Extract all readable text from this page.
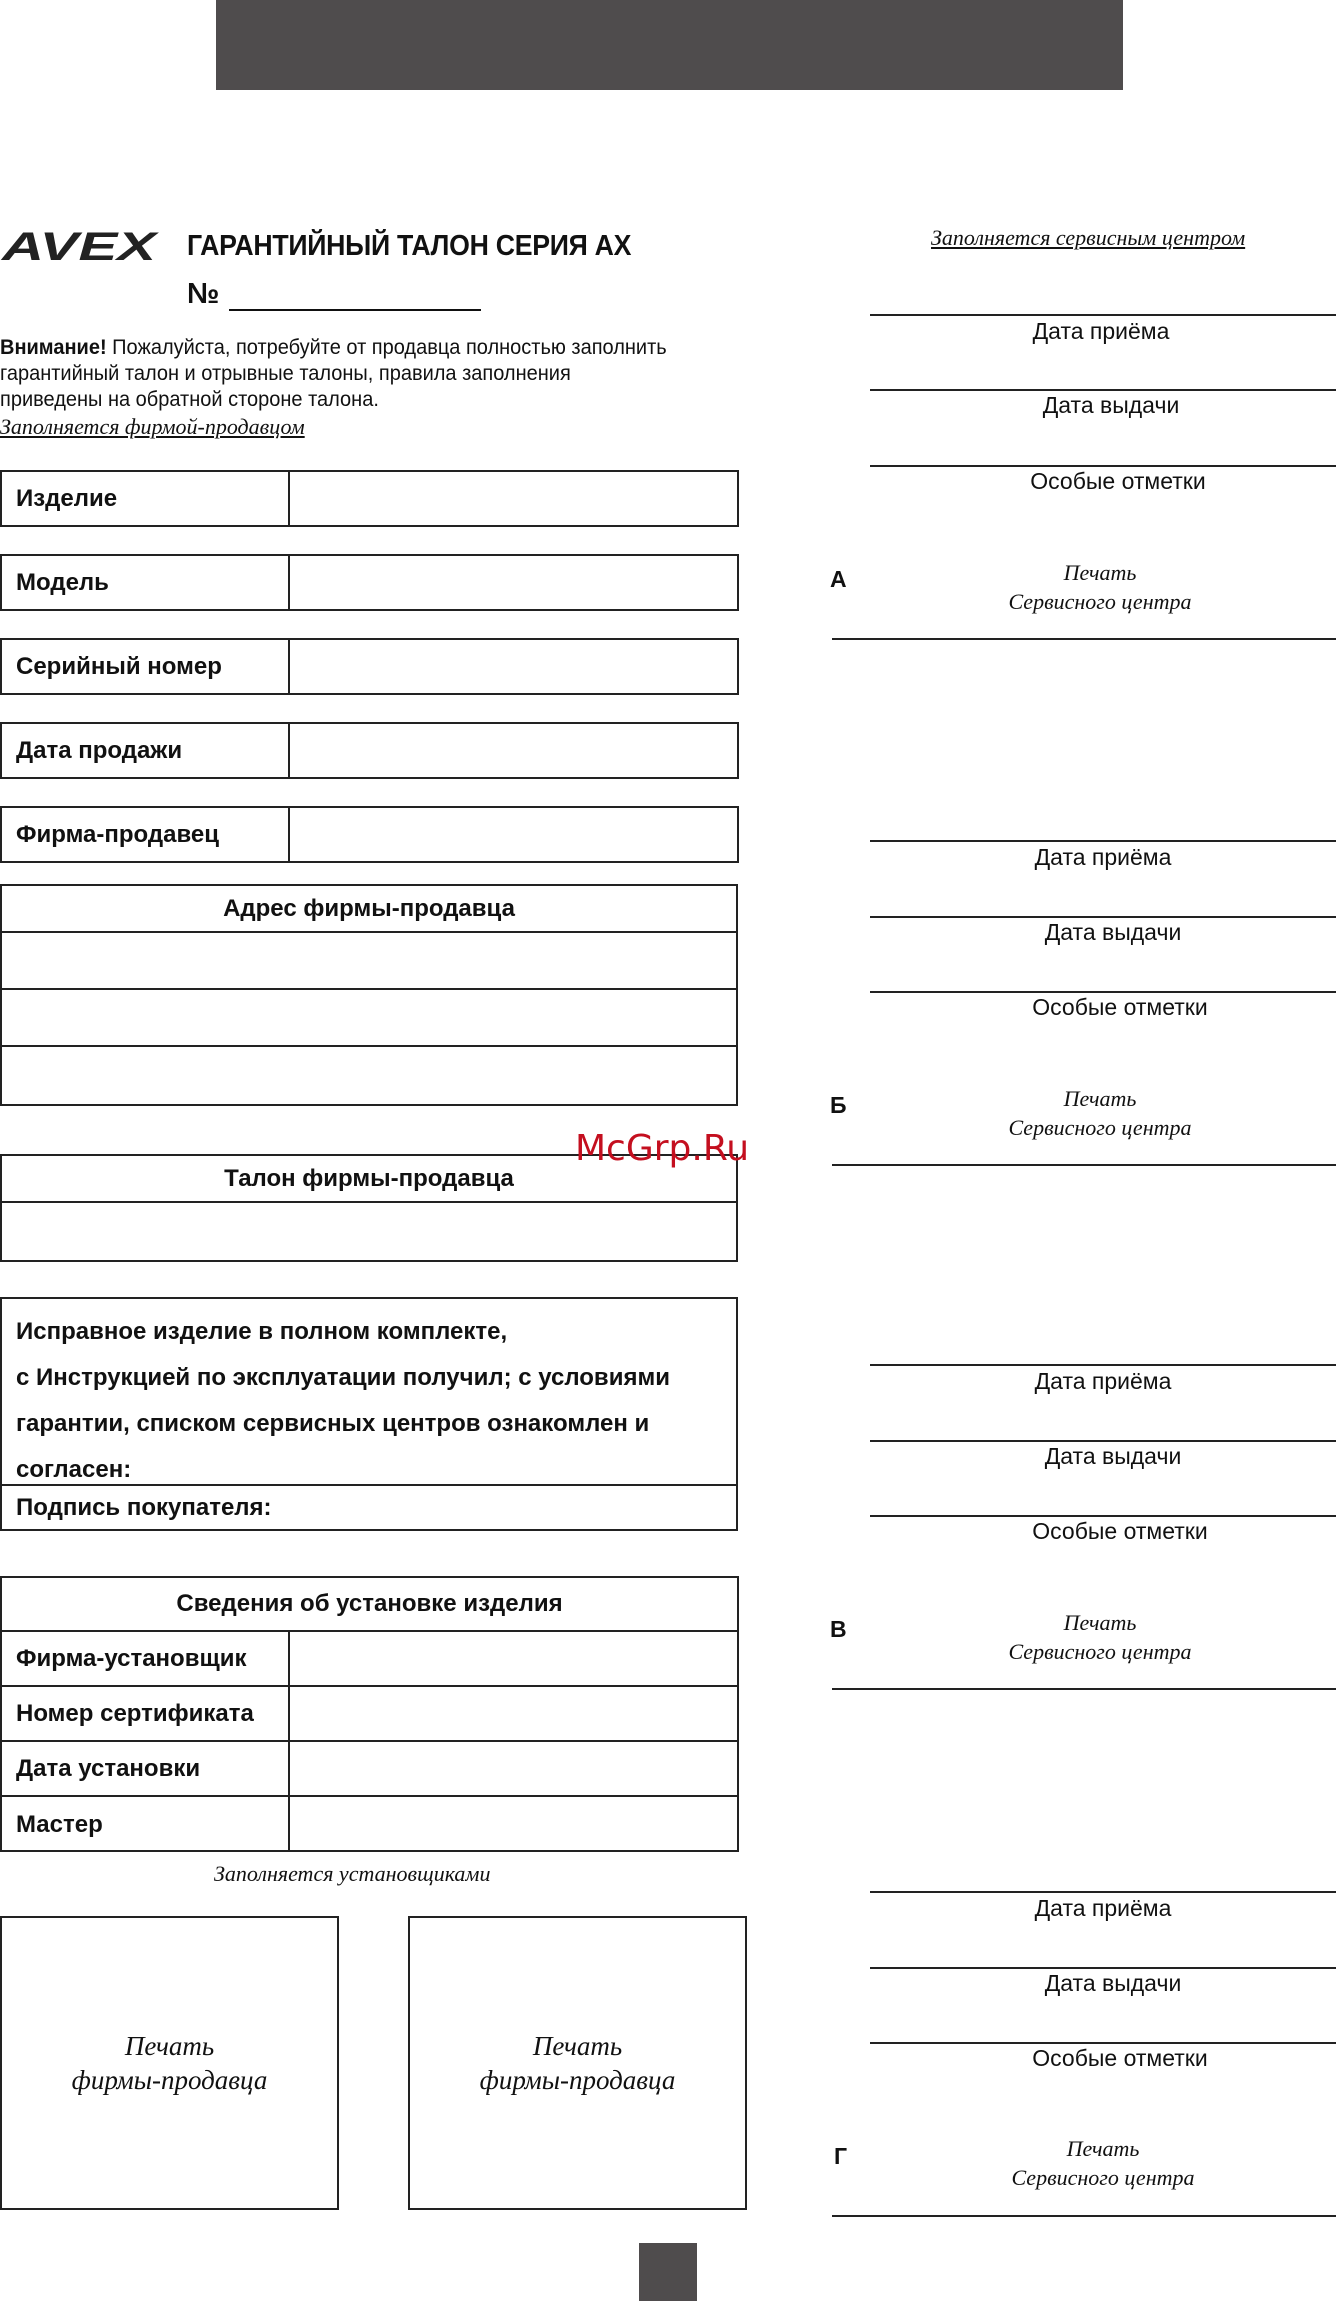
AVEX ГАРАНТИЙНЫЙ ТАЛОН СЕРИЯ АХ
№
Внимание! Пожалуйста, потребуйте от продавца полностью заполнить гарантийный талон и отрывные талоны, правила заполнения приведены на обратной стороне талона.
Заполняется фирмой-продавцом
Изделие
Модель
Серийный номер
Дата продажи
Фирма-продавец
Адрес фирмы-продавца
Талон фирмы-продавца
Исправное изделие в полном комплекте,
с Инструкцией по эксплуатации получил; с условиями
гарантии, списком сервисных центров ознакомлен и
согласен:
Подпись покупателя:
Сведения об установке изделия
Фирма-установщик
Номер сертификата
Дата установки
Мастер
Заполняется установщиками
Печать
фирмы-продавца
Печать
фирмы-продавца
Заполняется сервисным центром
Дата приёма
Дата выдачи
Особые отметки
А	Печать
Сервисного центра
Дата приёма
Дата выдачи
Особые отметки
Б	Печать
Сервисного центра
Дата приёма
Дата выдачи
Особые отметки
В	Печать
Сервисного центра
Дата приёма
Дата выдачи
Особые отметки
Г	Печать
Сервисного центра
McGrp.Ru
